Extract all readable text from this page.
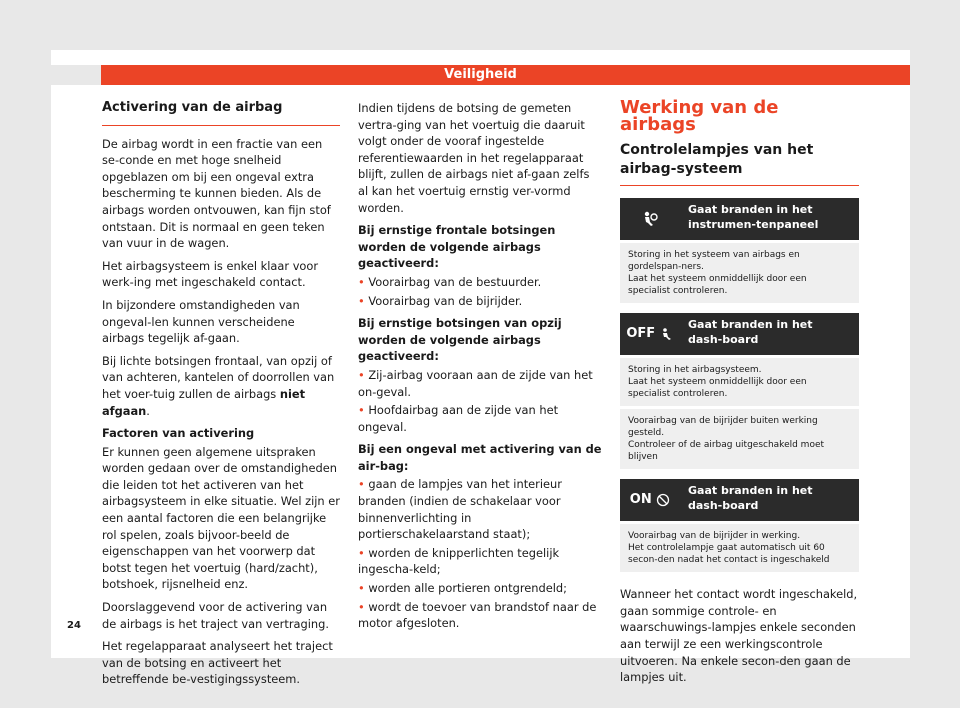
Veiligheid
Activering van de airbag

De airbag wordt in een fractie van een se-conde en met hoge snelheid opgeblazen om bij een ongeval extra bescherming te kunnen bieden. Als de airbags worden ontvouwen, kan fijn stof ontstaan. Dit is normaal en geen teken van vuur in de wagen.

Het airbagsysteem is enkel klaar voor werk-ing met ingeschakeld contact.

In bijzondere omstandigheden van ongeval-len kunnen verscheidene airbags tegelijk af-gaan.

Bij lichte botsingen frontaal, van opzij of van achteren, kantelen of doorrollen van het voer-tuig zullen de airbags niet afgaan.

Factoren van activering

Er kunnen geen algemene uitspraken worden gedaan over de omstandigheden die leiden tot het activeren van het airbagsysteem in elke situatie. Wel zijn er een aantal factoren die een belangrijke rol spelen, zoals bijvoor-beeld de eigenschappen van het voorwerp dat botst tegen het voertuig (hard/zacht), botshoek, rijsnelheid enz.

Doorslaggevend voor de activering van de airbags is het traject van vertraging.

Het regelapparaat analyseert het traject van de botsing en activeert het betreffende be-vestigingssysteem.

Indien tijdens de botsing de gemeten vertra-ging van het voertuig die daaruit volgt onder de vooraf ingestelde referentiewaarden in het regelapparaat blijft, zullen de airbags niet af-gaan zelfs al kan het voertuig ernstig ver-vormd worden.

Bij ernstige frontale botsingen worden de volgende airbags geactiveerd:

• Voorairbag van de bestuurder.

• Voorairbag van de bijrijder.

Bij ernstige botsingen van opzij worden de volgende airbags geactiveerd:

• Zij-airbag vooraan aan de zijde van het on-geval.

• Hoofdairbag aan de zijde van het ongeval.

Bij een ongeval met activering van de air-bag:

• gaan de lampjes van het interieur branden (indien de schakelaar voor binnenverlichting in portierschakelaarstand staat);

• worden de knipperlichten tegelijk ingescha-keld;

• worden alle portieren ontgrendeld;

• wordt de toevoer van brandstof naar de motor afgesloten.

Werking van de airbags
Controlelampjes van het airbag-systeem
Gaat branden in het instrumen-tenpaneel
Storing in het systeem van airbags en gordelspan-ners.
Laat het systeem onmiddellijk door een specialist controleren.
OFF

Gaat branden in het dash-board
Storing in het airbagsysteem.
Laat het systeem onmiddellijk door een specialist controleren.
Voorairbag van de bijrijder buiten werking gesteld.
Controleer of de airbag uitgeschakeld moet blijven
ON

Gaat branden in het dash-board
Voorairbag van de bijrijder in werking.
Het controlelampje gaat automatisch uit 60 secon-den nadat het contact is ingeschakeld

Wanneer het contact wordt ingeschakeld, gaan sommige controle- en waarschuwings-lampjes enkele seconden aan terwijl ze een werkingscontrole uitvoeren. Na enkele secon-den gaan de lampjes uit.

24
